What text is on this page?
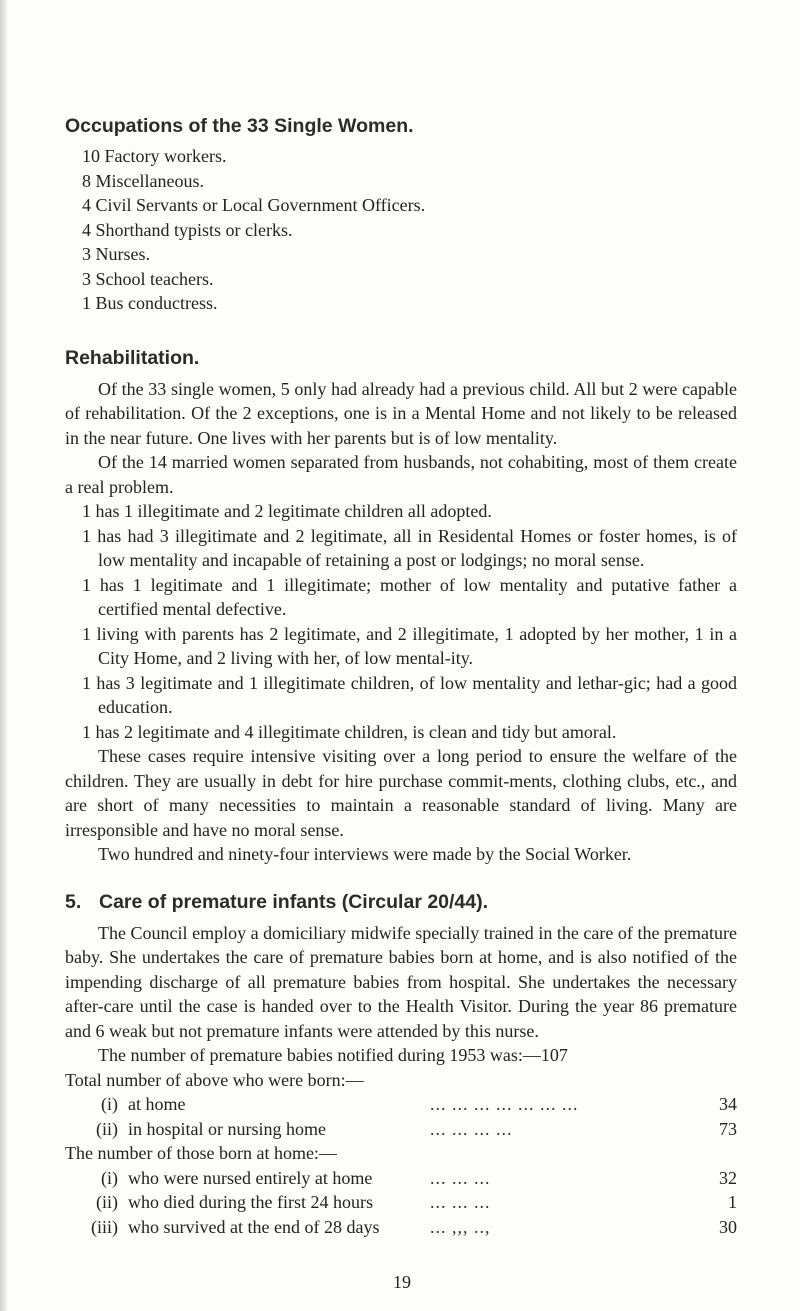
Occupations of the 33 Single Women.
10 Factory workers.
8 Miscellaneous.
4 Civil Servants or Local Government Officers.
4 Shorthand typists or clerks.
3 Nurses.
3 School teachers.
1 Bus conductress.
Rehabilitation.

Of the 33 single women, 5 only had already had a previous child. All but 2 were capable of rehabilitation. Of the 2 exceptions, one is in a Mental Home and not likely to be released in the near future. One lives with her parents but is of low mentality.

Of the 14 married women separated from husbands, not cohabiting, most of them create a real problem.

1 has 1 illegitimate and 2 legitimate children all adopted.

1 has had 3 illegitimate and 2 legitimate, all in Residental Homes or foster homes, is of low mentality and incapable of retaining a post or lodgings; no moral sense.

1 has 1 legitimate and 1 illegitimate; mother of low mentality and putative father a certified mental defective.

1 living with parents has 2 legitimate, and 2 illegitimate, 1 adopted by her mother, 1 in a City Home, and 2 living with her, of low mental-ity.

1 has 3 legitimate and 1 illegitimate children, of low mentality and lethar-gic; had a good education.

1 has 2 legitimate and 4 illegitimate children, is clean and tidy but amoral.

These cases require intensive visiting over a long period to ensure the welfare of the children. They are usually in debt for hire purchase commit-ments, clothing clubs, etc., and are short of many necessities to maintain a reasonable standard of living. Many are irresponsible and have no moral sense.

Two hundred and ninety-four interviews were made by the Social Worker.

5. Care of premature infants (Circular 20/44).

The Council employ a domiciliary midwife specially trained in the care of the premature baby. She undertakes the care of premature babies born at home, and is also notified of the impending discharge of all premature babies from hospital. She undertakes the necessary after-care until the case is handed over to the Health Visitor. During the year 86 premature and 6 weak but not premature infants were attended by this nurse.

The number of premature babies notified during 1953 was:—107
Total number of above who were born:—
(i) at home	... ... ... ... ... ... ...	34
(ii) in hospital or nursing home	... ... ... ...	73
The number of those born at home:—
(i) who were nursed entirely at home	... ... ...	32
(ii) who died during the first 24 hours	... ... ...	1
(iii) who survived at the end of 28 days	... ,,, ..,	30
19
